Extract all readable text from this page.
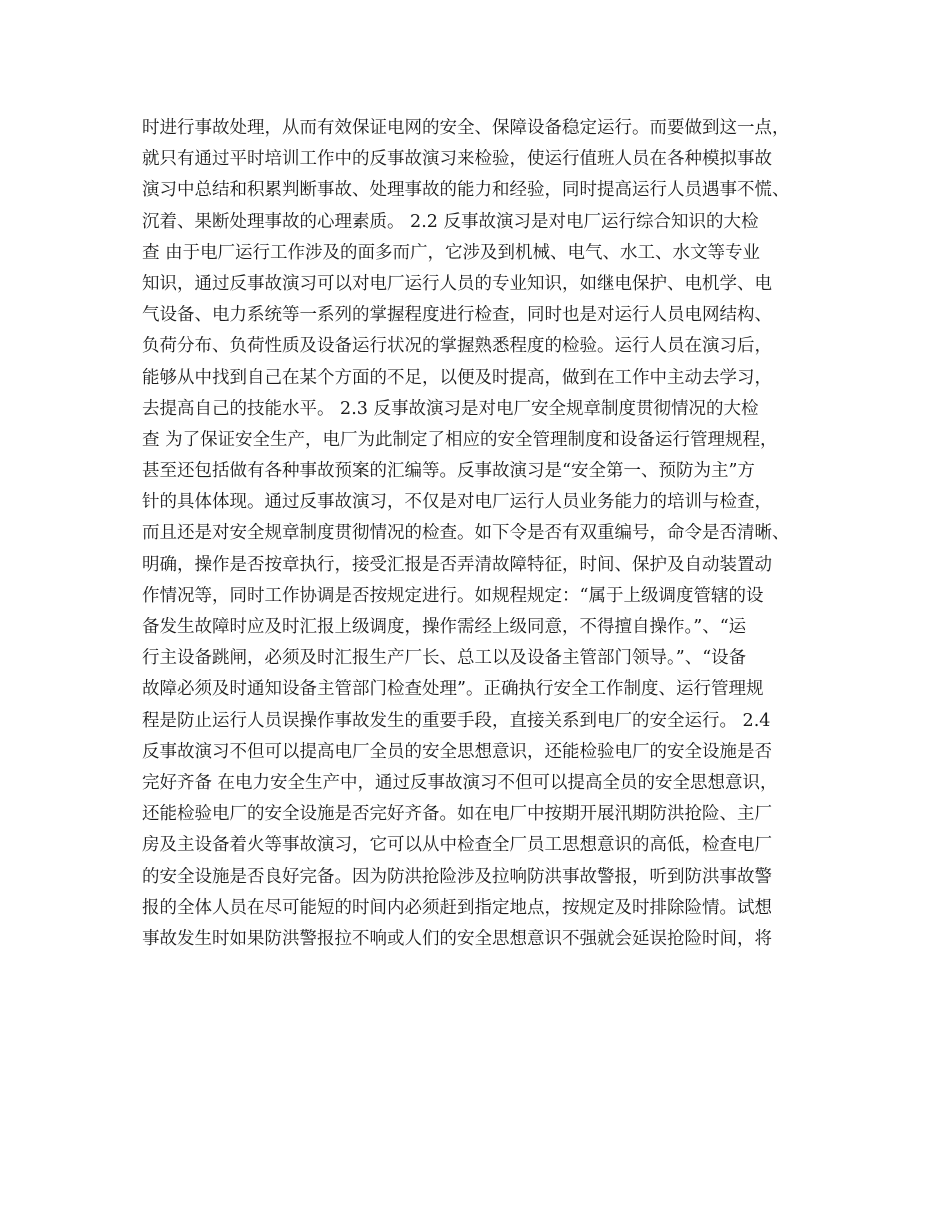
时进行事故处理，从而有效保证电网的安全、保障设备稳定运行。而要做到这一点，
就只有通过平时培训工作中的反事故演习来检验，使运行值班人员在各种模拟事故
演习中总结和积累判断事故、处理事故的能力和经验，同时提高运行人员遇事不慌、
沉着、果断处理事故的心理素质。 2.2 反事故演习是对电厂运行综合知识的大检
查 由于电厂运行工作涉及的面多而广，它涉及到机械、电气、水工、水文等专业
知识，通过反事故演习可以对电厂运行人员的专业知识，如继电保护、电机学、电
气设备、电力系统等一系列的掌握程度进行检查，同时也是对运行人员电网结构、
负荷分布、负荷性质及设备运行状况的掌握熟悉程度的检验。运行人员在演习后，
能够从中找到自己在某个方面的不足，以便及时提高，做到在工作中主动去学习，
去提高自己的技能水平。 2.3 反事故演习是对电厂安全规章制度贯彻情况的大检
查 为了保证安全生产，电厂为此制定了相应的安全管理制度和设备运行管理规程，
甚至还包括做有各种事故预案的汇编等。反事故演习是“安全第一、预防为主”方
针的具体体现。通过反事故演习，不仅是对电厂运行人员业务能力的培训与检查，
而且还是对安全规章制度贯彻情况的检查。如下令是否有双重编号，命令是否清晰、
明确，操作是否按章执行，接受汇报是否弄清故障特征，时间、保护及自动装置动
作情况等，同时工作协调是否按规定进行。如规程规定：“属于上级调度管辖的设
备发生故障时应及时汇报上级调度，操作需经上级同意，不得擅自操作。”、“运
行主设备跳闸，必须及时汇报生产厂长、总工以及设备主管部门领导。”、“设备
故障必须及时通知设备主管部门检查处理”。正确执行安全工作制度、运行管理规
程是防止运行人员误操作事故发生的重要手段，直接关系到电厂的安全运行。 2.4
反事故演习不但可以提高电厂全员的安全思想意识，还能检验电厂的安全设施是否
完好齐备 在电力安全生产中，通过反事故演习不但可以提高全员的安全思想意识，
还能检验电厂的安全设施是否完好齐备。如在电厂中按期开展汛期防洪抢险、主厂
房及主设备着火等事故演习，它可以从中检查全厂员工思想意识的高低，检查电厂
的安全设施是否良好完备。因为防洪抢险涉及拉响防洪事故警报，听到防洪事故警
报的全体人员在尽可能短的时间内必须赶到指定地点，按规定及时排除险情。试想
事故发生时如果防洪警报拉不响或人们的安全思想意识不强就会延误抢险时间，将
